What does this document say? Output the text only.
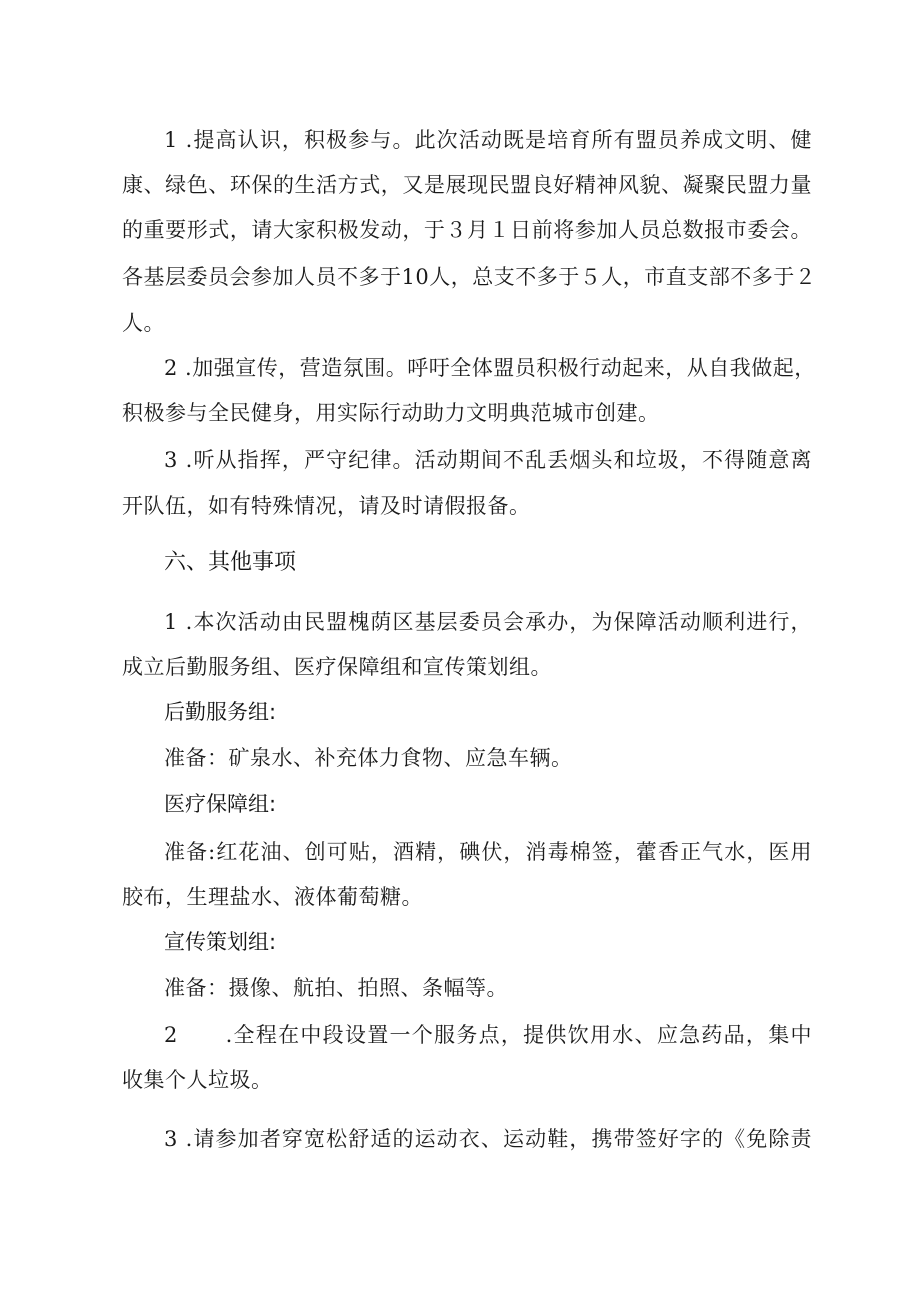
1 .提高认识，积极参与。此次活动既是培育所有盟员养成文明、健
康、绿色、环保的生活方式，又是展现民盟良好精神风貌、凝聚民盟力量
的重要形式，请大家积极发动，于３月１日前将参加人员总数报市委会。
各基层委员会参加人员不多于10人，总支不多于５人，市直支部不多于２
人。
2 .加强宣传，营造氛围。呼吁全体盟员积极行动起来，从自我做起，
积极参与全民健身，用实际行动助力文明典范城市创建。
3 .听从指挥，严守纪律。活动期间不乱丢烟头和垃圾，不得随意离
开队伍，如有特殊情况，请及时请假报备。
六、其他事项
1 .本次活动由民盟槐荫区基层委员会承办，为保障活动顺利进行，
成立后勤服务组、医疗保障组和宣传策划组。
后勤服务组:
准备：矿泉水、补充体力食物、应急车辆。
医疗保障组:
准备:红花油、创可贴，酒精，碘伏，消毒棉签，藿香正气水，医用
胶布，生理盐水、液体葡萄糖。
宣传策划组:
准备：摄像、航拍、拍照、条幅等。
2      .全程在中段设置一个服务点，提供饮用水、应急药品，集中
收集个人垃圾。
3 .请参加者穿宽松舒适的运动衣、运动鞋，携带签好字的《免除责
